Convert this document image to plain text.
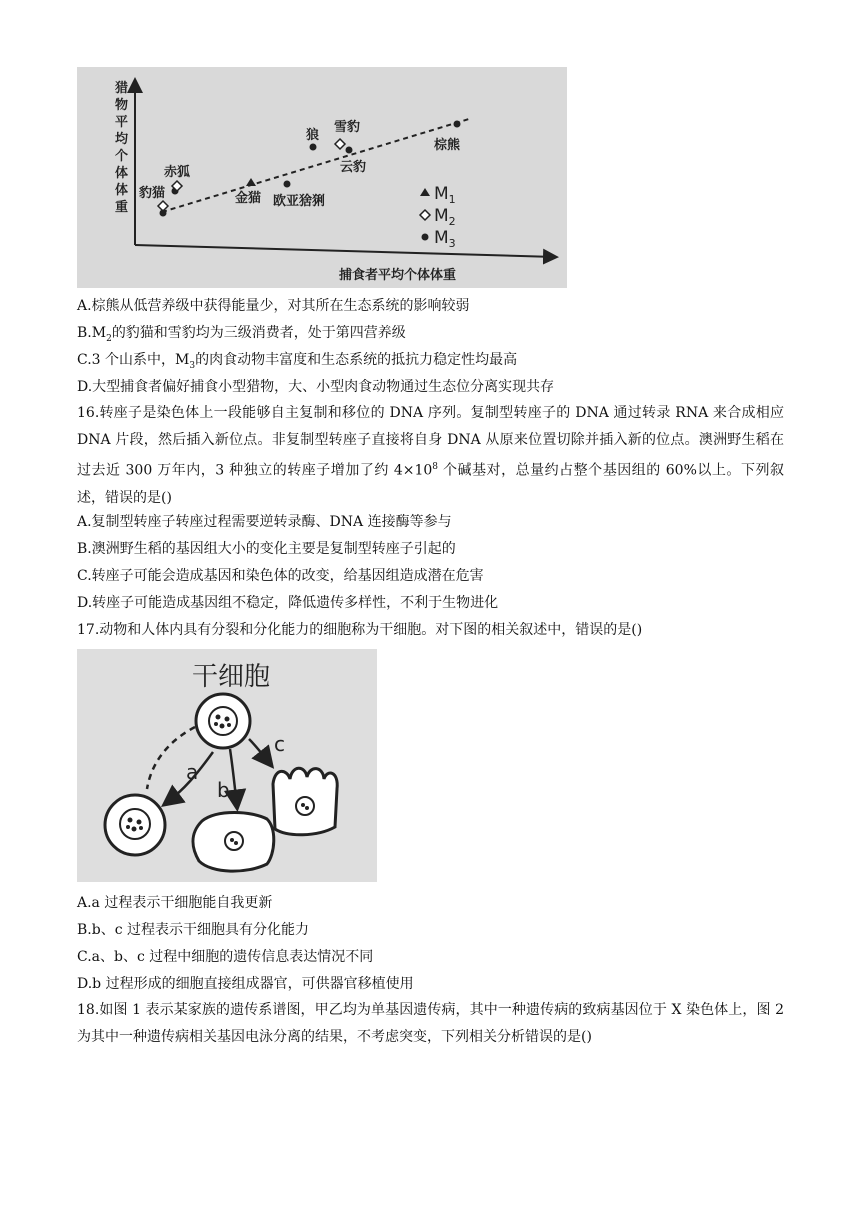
猎物平均个体体重
捕食者平均个体体重
赤狐
豹猫	金猫 欧亚猞猁
狼
雪豹
云豹
棕熊
$M_1$
$M_2$
$M_3$
A.棕熊从低营养级中获得能量少，对其所在生态系统的影响较弱
$B.M_2$的豹猫和雪豹均为三级消费者，处于第四营养级
C.3 个山系中，$M_3$的肉食动物丰富度和生态系统的抵抗力稳定性均最高
D.大型捕食者偏好捕食小型猎物，大、小型肉食动物通过生态位分离实现共存
16.转座子是染色体上一段能够自主复制和移位的 DNA 序列。复制型转座子的 DNA 通过转录 RNA 来合成相应 DNA 片段，然后插入新位点。非复制型转座子直接将自身 DNA 从原来位置切除并插入新的位点。澳洲野生稻在过去近 300 万年内，3 种独立的转座子增加了约 $4\times 10^8$ 个碱基对，总量约占整个基因组的 60%以上。下列叙述，错误的是()
A.复制型转座子转座过程需要逆转录酶、DNA 连接酶等参与
B.澳洲野生稻的基因组大小的变化主要是复制型转座子引起的
C.转座子可能会造成基因和染色体的改变，给基因组造成潜在危害
D.转座子可能造成基因组不稳定，降低遗传多样性，不利于生物进化
17.动物和人体内具有分裂和分化能力的细胞称为干细胞。对下图的相关叙述中，错误的是()
干细胞
a
b
c
A.a 过程表示干细胞能自我更新
B.b、c 过程表示干细胞具有分化能力
C.a、b、c 过程中细胞的遗传信息表达情况不同
D.b 过程形成的细胞直接组成器官，可供器官移植使用
18.如图 1 表示某家族的遗传系谱图，甲乙均为单基因遗传病，其中一种遗传病的致病基因位于 X 染色体上，图 2 为其中一种遗传病相关基因电泳分离的结果，不考虑突变，下列相关分析错误的是()
